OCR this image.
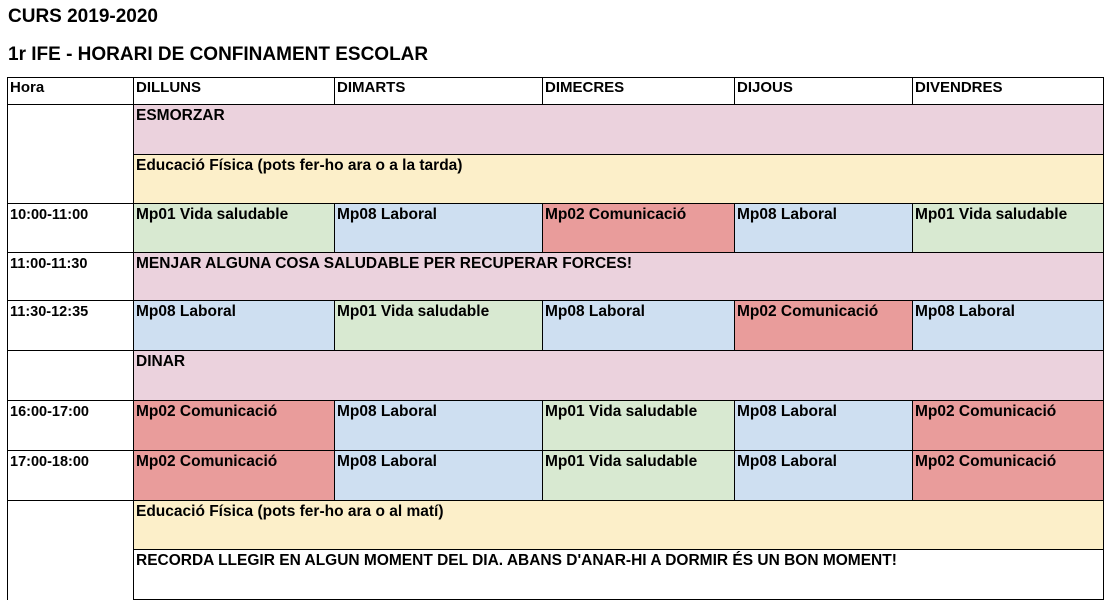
CURS 2019-2020
1r IFE - HORARI DE CONFINAMENT ESCOLAR
Hora	DILLUNS	DIMARTS	DIMECRES	DIJOUS	DIVENDRES
	ESMORZAR				
	Educació Física (pots fer-ho ara o a la tarda)				
10:00-11:00	Mp01 Vida saludable	Mp08 Laboral	Mp02 Comunicació	Mp08 Laboral	Mp01 Vida saludable
11:00-11:30	MENJAR ALGUNA COSA SALUDABLE PER RECUPERAR FORCES!				
11:30-12:35	Mp08 Laboral	Mp01 Vida saludable	Mp08 Laboral	Mp02 Comunicació	Mp08 Laboral
	DINAR				
16:00-17:00	Mp02 Comunicació	Mp08 Laboral	Mp01 Vida saludable	Mp08 Laboral	Mp02 Comunicació
17:00-18:00	Mp02 Comunicació	Mp08 Laboral	Mp01 Vida saludable	Mp08 Laboral	Mp02 Comunicació
	Educació Física (pots fer-ho ara o al matí)				
	RECORDA LLEGIR EN ALGUN MOMENT DEL DIA. ABANS D'ANAR-HI A DORMIR ÉS UN BON MOMENT!				
